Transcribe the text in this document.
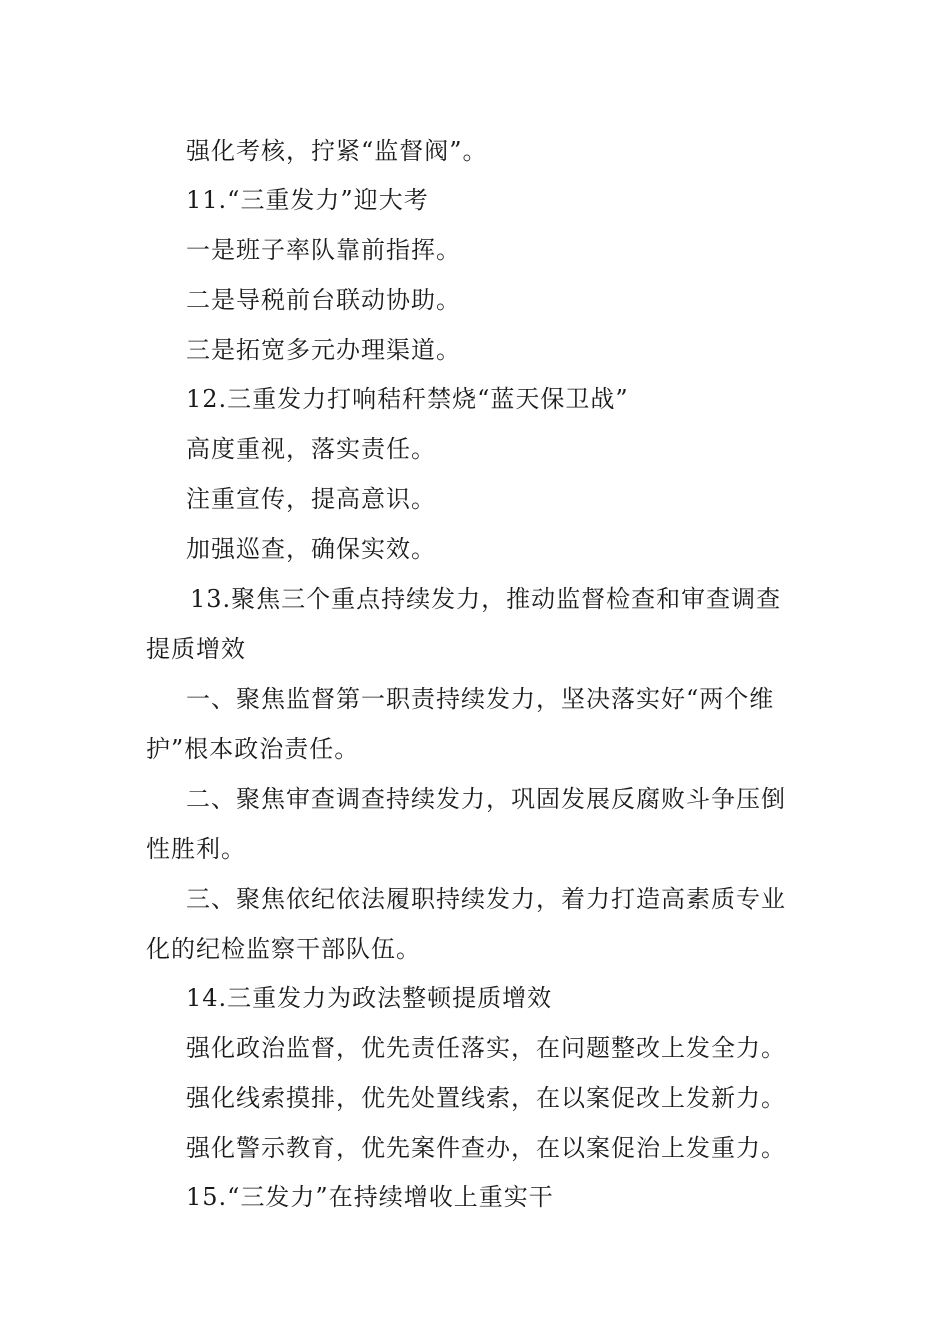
强化考核，拧紧“监督阀”。
11.“三重发力”迎大考
一是班子率队靠前指挥。
二是导税前台联动协助。
三是拓宽多元办理渠道。
12.三重发力打响秸秆禁烧“蓝天保卫战”
高度重视，落实责任。
注重宣传，提高意识。
加强巡查，确保实效。
13.聚焦三个重点持续发力，推动监督检查和审查调查
提质增效
一、聚焦监督第一职责持续发力，坚决落实好“两个维
护”根本政治责任。
二、聚焦审查调查持续发力，巩固发展反腐败斗争压倒
性胜利。
三、聚焦依纪依法履职持续发力，着力打造高素质专业
化的纪检监察干部队伍。
14.三重发力为政法整顿提质增效
强化政治监督，优先责任落实，在问题整改上发全力。
强化线索摸排，优先处置线索，在以案促改上发新力。
强化警示教育，优先案件查办，在以案促治上发重力。
15.“三发力”在持续增收上重实干
